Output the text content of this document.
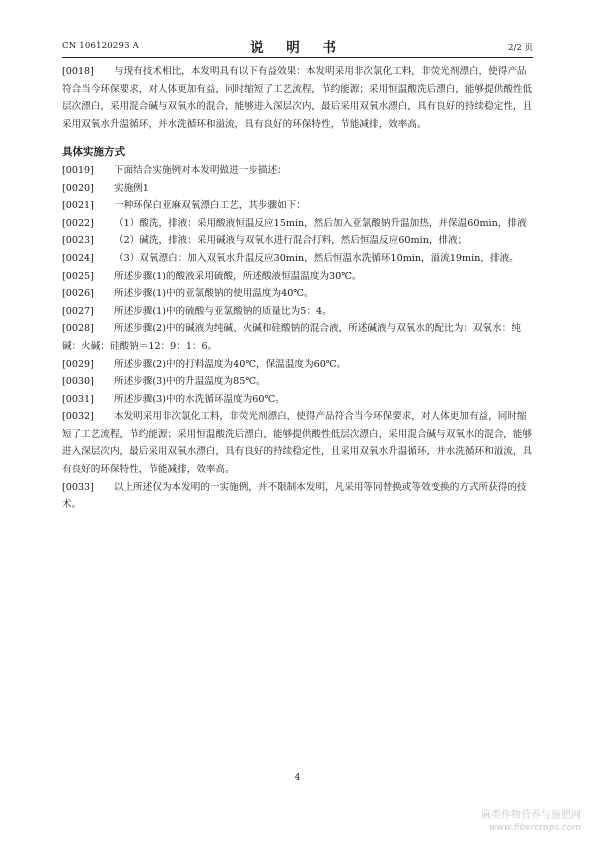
CN 106120293 A	说 明 书	2/2 页
[0018] 与现有技术相比，本发明具有以下有益效果：本发明采用非次氯化工料，非荧光剂漂白，使得产品符合当今环保要求，对人体更加有益，同时缩短了工艺流程，节约能源；采用恒温酸洗后漂白，能够提供酸性低层次漂白，采用混合碱与双氧水的混合，能够进入深层次内，最后采用双氧水漂白，具有良好的持续稳定性，且采用双氧水升温循环，并水洗循环和溢流，具有良好的环保特性，节能减排，效率高。
具体实施方式
[0019] 下面结合实施例对本发明做进一步描述：
[0020] 实施例1
[0021] 一种环保白亚麻双氧漂白工艺，其步骤如下：
[0022] （1）酸洗，排液：采用酸液恒温反应15min，然后加入亚氯酸钠升温加热，并保温60min，排液
[0023] （2）碱洗，排液：采用碱液与双氧水进行混合打料，然后恒温反应60min，排液；
[0024] （3）双氧漂白：加入双氧水升温反应30min，然后恒温水洗循环10min，溢流19min，排液。
[0025] 所述步骤(1)的酸液采用硫酸，所述酸液恒温温度为30℃。
[0026] 所述步骤(1)中的亚氯酸钠的使用温度为40℃。
[0027] 所述步骤(1)中的硫酸与亚氯酸钠的质量比为5：4。
[0028] 所述步骤(2)中的碱液为纯碱、火碱和硅酸钠的混合液，所述碱液与双氧水的配比为：双氧水：纯碱：火碱：硅酸钠＝12：9：1：6。
[0029] 所述步骤(2)中的打料温度为40℃，保温温度为60℃。
[0030] 所述步骤(3)中的升温温度为85℃。
[0031] 所述步骤(3)中的水洗循环温度为60℃。
[0032] 本发明采用非次氯化工料，非荧光剂漂白，使得产品符合当今环保要求，对人体更加有益，同时缩短了工艺流程，节约能源；采用恒温酸洗后漂白，能够提供酸性低层次漂白，采用混合碱与双氧水的混合，能够进入深层次内，最后采用双氧水漂白，具有良好的持续稳定性，且采用双氧水升温循环，并水洗循环和溢流，具有良好的环保特性，节能减排，效率高。
[0033] 以上所述仅为本发明的一实施例，并不限制本发明，凡采用等同替换或等效变换的方式所获得的技术。
4
麻类作物营养与施肥网
www.fibercrops.com
